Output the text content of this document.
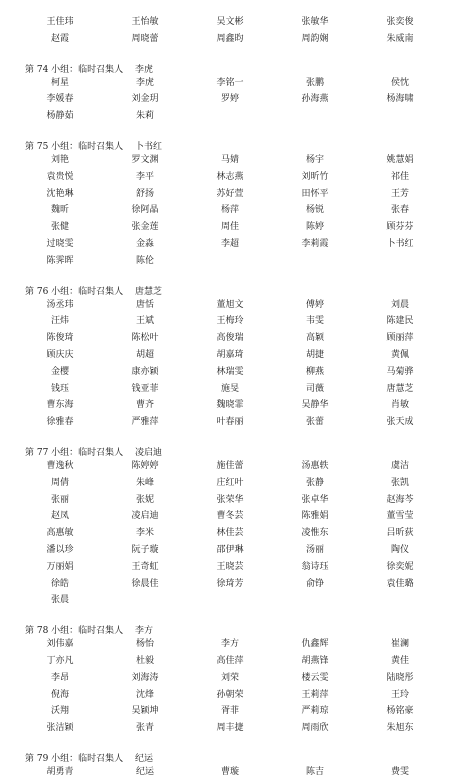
王佳玮	王怡敏	吴文彬	张敏华	张奕俊
赵霞	周晓蕾	周鑫昀	周韵娴	朱威南
第 74 小组：临时召集人 李虎
柯星	李虎	李铭一	张鹏	侯忱
李媛春	刘金玥	罗婷	孙海燕	杨海啸
杨静茹	朱莉
第 75 小组：临时召集人 卜书红
刘艳	罗文渊	马婧	杨宇	姚慧娟
袁贵悦	李平	林志燕	刘昕竹	祁佳
沈艳琳	舒扬	苏好萱	田怀平	王芳
魏昕	徐阿晶	杨萍	杨锐	张春
张健	张金莲	周佳	陈婷	顾芬芬
过晓雯	金淼	李超	李莉霞	卜书红
陈霁晖	陈伦
第 76 小组：临时召集人 唐慧芝
汤丞玮	唐恬	董旭文	傅婷	刘晨
汪炜	王斌	王梅玲	韦雯	陈建民
陈俊琦	陈松叶	高俊瑞	高颖	顾丽萍
顾庆庆	胡超	胡嘉琦	胡捷	黄佩
金樱	康亦颖	林瑞雯	柳燕	马菊骅
钱珏	钱亚菲	施旻	司薇	唐慧芝
曹东海	曹齐	魏晓霏	吴静华	肖敏
徐雅春	严雅萍	叶春丽	张蕾	张天成
第 77 小组：临时召集人 凌启迪
曹逸秋	陈婷婷	施佳蕾	汤惠轶	虞洁
周倩	朱峰	庄红叶	张静	张凯
张丽	张妮	张荣华	张卓华	赵海芩
赵凤	凌启迪	曹冬芸	陈雅娟	董雪莹
高惠敏	李米	林佳芸	凌惟东	吕昕荻
潘以珍	阮子璇	邵伊琳	汤丽	陶仪
万丽娟	王奇虹	王晓芸	翁诗珏	徐奕妮
徐皓	徐晨佳	徐琦芳	俞铮	袁佳璐
张晨
第 78 小组：临时召集人 李方
刘伟嘉	杨怡	李方	仇鑫辉	崔澜
丁亦凡	杜毅	高佳萍	胡燕锋	黄佳
李昂	刘海涛	刘荣	楼云雯	陆晓彤
倪海	沈烽	孙朝荣	王莉萍	王玲
沃翔	吴颖坤	胥菲	严莉琼	杨铭豪
张洁颖	张青	周丰捷	周雨欣	朱旭东
第 79 小组：临时召集人 纪运
胡勇青	纪运	曹璇	陈吉	费雯
